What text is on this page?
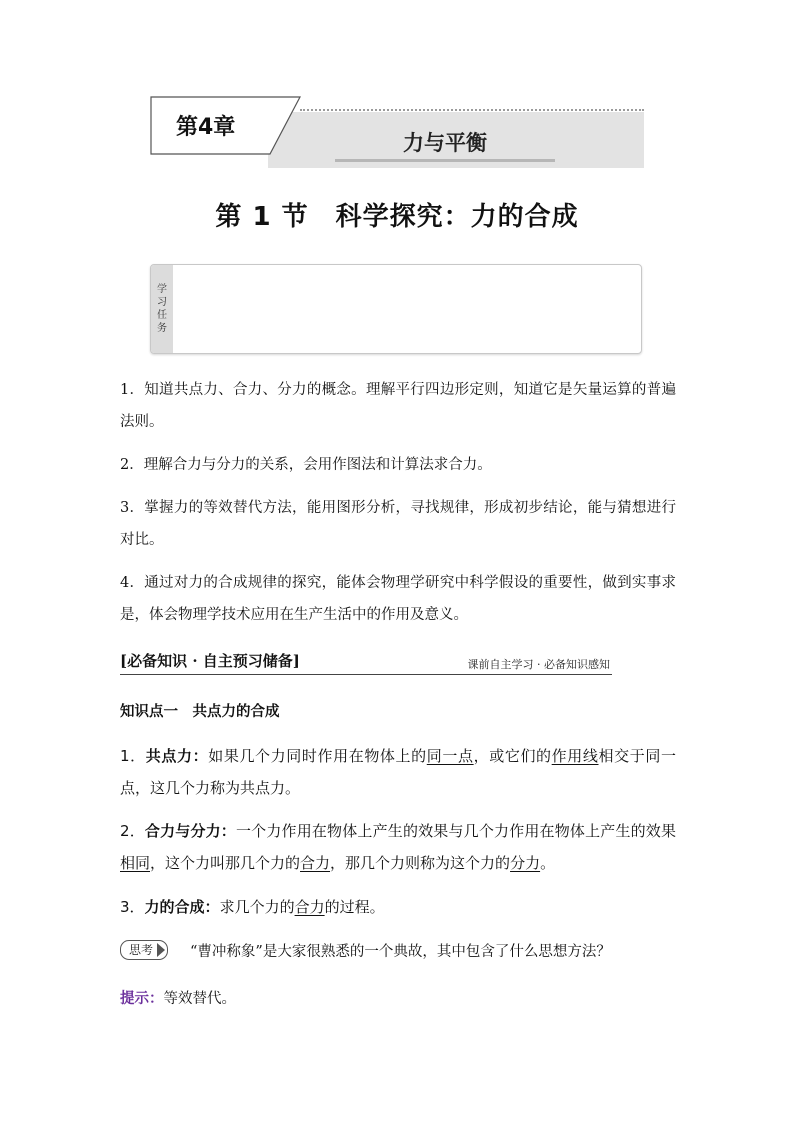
第4章
力与平衡
第 1 节　科学探究：力的合成
学习任务
1．知道共点力、合力、分力的概念。理解平行四边形定则，知道它是矢量运算的普遍法则。
2．理解合力与分力的关系，会用作图法和计算法求合力。
3．掌握力的等效替代方法，能用图形分析，寻找规律，形成初步结论，能与猜想进行对比。
4．通过对力的合成规律的探究，能体会物理学研究中科学假设的重要性，做到实事求是，体会物理学技术应用在生产生活中的作用及意义。
[必备知识 · 自主预习储备]	课前自主学习 · 必备知识感知
知识点一　共点力的合成
1．共点力：如果几个力同时作用在物体上的同一点，或它们的作用线相交于同一点，这几个力称为共点力。
2．合力与分力：一个力作用在物体上产生的效果与几个力作用在物体上产生的效果相同，这个力叫那几个力的合力，那几个力则称为这个力的分力。
3．力的合成：求几个力的合力的过程。
思考	“曹冲称象”是大家很熟悉的一个典故，其中包含了什么思想方法？
提示：等效替代。
